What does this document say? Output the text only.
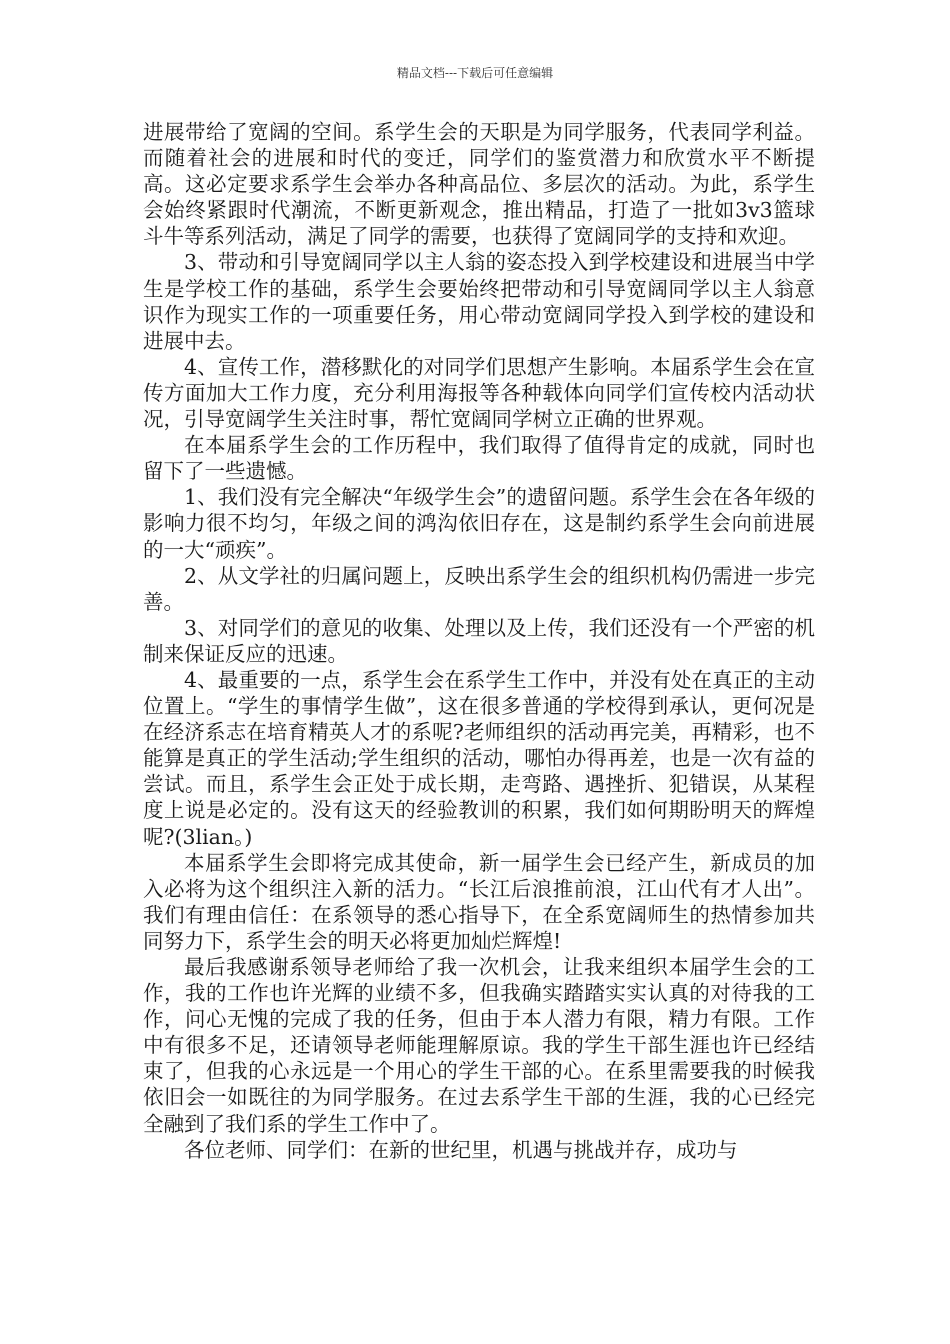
精品文档---下载后可任意编辑

进展带给了宽阔的空间。系学生会的天职是为同学服务，代表同学利益。而随着社会的进展和时代的变迁，同学们的鉴赏潜力和欣赏水平不断提高。这必定要求系学生会举办各种高品位、多层次的活动。为此，系学生会始终紧跟时代潮流，不断更新观念，推出精品，打造了一批如3v3篮球斗牛等系列活动，满足了同学的需要，也获得了宽阔同学的支持和欢迎。

3、带动和引导宽阔同学以主人翁的姿态投入到学校建设和进展当中学生是学校工作的基础，系学生会要始终把带动和引导宽阔同学以主人翁意识作为现实工作的一项重要任务，用心带动宽阔同学投入到学校的建设和进展中去。

4、宣传工作，潜移默化的对同学们思想产生影响。本届系学生会在宣传方面加大工作力度，充分利用海报等各种载体向同学们宣传校内活动状况，引导宽阔学生关注时事，帮忙宽阔同学树立正确的世界观。

在本届系学生会的工作历程中，我们取得了值得肯定的成就，同时也留下了一些遗憾。

1、我们没有完全解决“年级学生会”的遗留问题。系学生会在各年级的影响力很不均匀，年级之间的鸿沟依旧存在，这是制约系学生会向前进展的一大“顽疾”。

2、从文学社的归属问题上，反映出系学生会的组织机构仍需进一步完善。

3、对同学们的意见的收集、处理以及上传，我们还没有一个严密的机制来保证反应的迅速。

4、最重要的一点，系学生会在系学生工作中，并没有处在真正的主动位置上。“学生的事情学生做”，这在很多普通的学校得到承认，更何况是在经济系志在培育精英人才的系呢?老师组织的活动再完美，再精彩，也不能算是真正的学生活动;学生组织的活动，哪怕办得再差，也是一次有益的尝试。而且，系学生会正处于成长期，走弯路、遇挫折、犯错误，从某程度上说是必定的。没有这天的经验教训的积累，我们如何期盼明天的辉煌呢?(3lian。)

本届系学生会即将完成其使命，新一届学生会已经产生，新成员的加入必将为这个组织注入新的活力。“长江后浪推前浪，江山代有才人出”。我们有理由信任：在系领导的悉心指导下，在全系宽阔师生的热情参加共同努力下，系学生会的明天必将更加灿烂辉煌!

最后我感谢系领导老师给了我一次机会，让我来组织本届学生会的工作，我的工作也许光辉的业绩不多，但我确实踏踏实实认真的对待我的工作，问心无愧的完成了我的任务，但由于本人潜力有限，精力有限。工作中有很多不足，还请领导老师能理解原谅。我的学生干部生涯也许已经结束了，但我的心永远是一个用心的学生干部的心。在系里需要我的时候我依旧会一如既往的为同学服务。在过去系学生干部的生涯，我的心已经完全融到了我们系的学生工作中了。

各位老师、同学们：在新的世纪里，机遇与挑战并存，成功与
